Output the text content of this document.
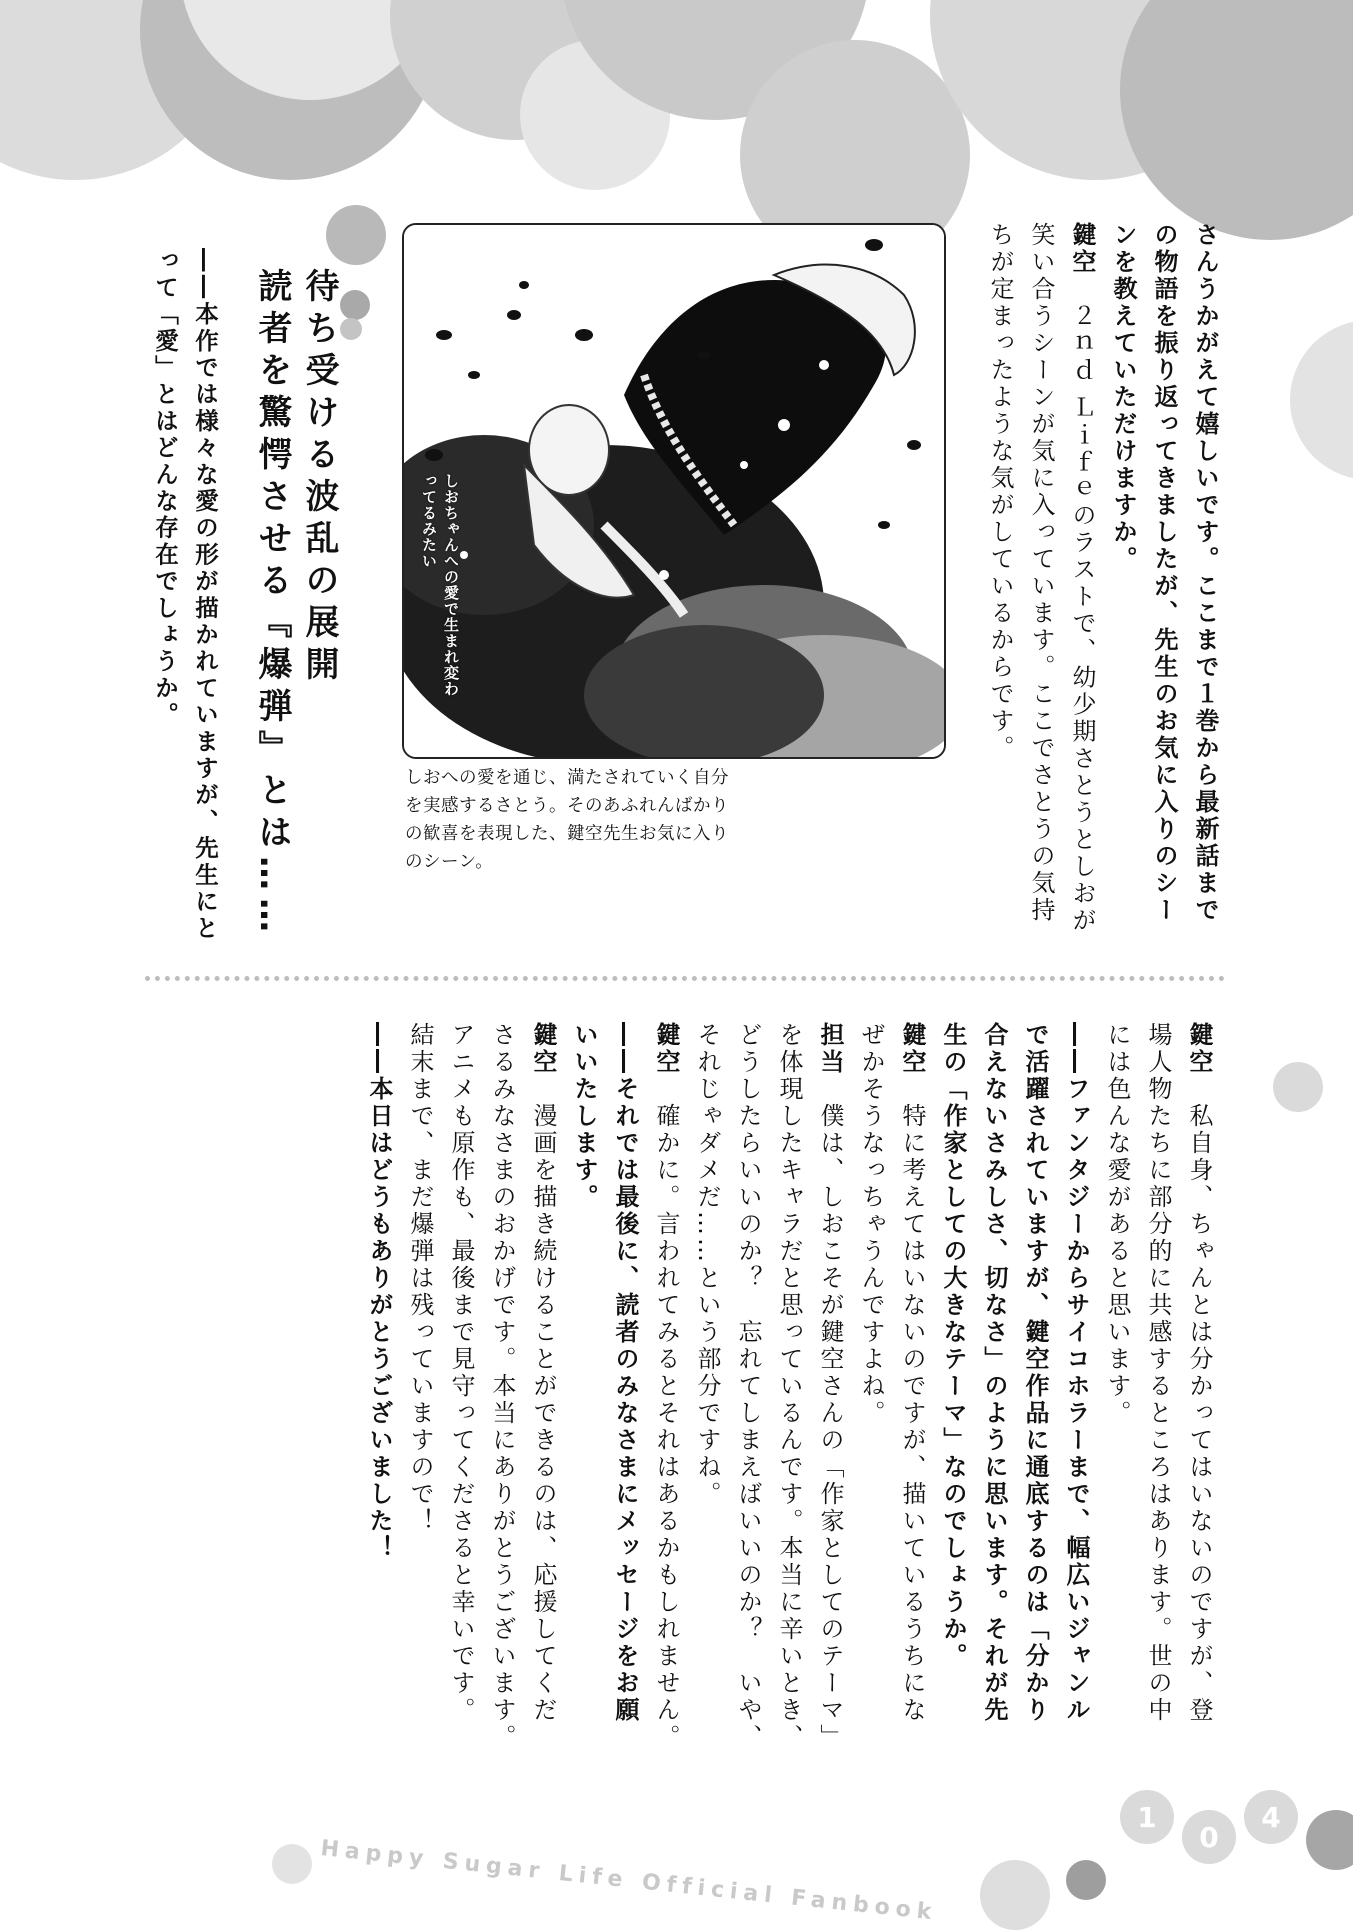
さんうかがえて嬉しいです。ここまで１巻から最新話まで
の物語を振り返ってきましたが、先生のお気に入りのシー
ンを教えていただけますか。
鍵空　２ｎｄ Ｌｉｆｅのラストで、幼少期さとうとしおが
笑い合うシーンが気に入っています。ここでさとうの気持
ちが定まったような気がしているからです。
しおちゃんへの愛で生まれ変わってるみたい
しおへの愛を通じ、満たされていく自分を実感するさとう。そのあふれんばかりの歓喜を表現した、鍵空先生お気に入りのシーン。
待ち受ける波乱の展開
読者を驚愕させる『爆弾』とは……
――本作では様々な愛の形が描かれていますが、先生にと
って「愛」とはどんな存在でしょうか。
鍵空　私自身、ちゃんとは分かってはいないのですが、登
場人物たちに部分的に共感するところはあります。世の中
には色んな愛があると思います。
――ファンタジーからサイコホラーまで、幅広いジャンル
で活躍されていますが、鍵空作品に通底するのは「分かり
合えないさみしさ、切なさ」のように思います。それが先
生の「作家としての大きなテーマ」なのでしょうか。
鍵空　特に考えてはいないのですが、描いているうちにな
ぜかそうなっちゃうんですよね。
担当　僕は、しおこそが鍵空さんの「作家としてのテーマ」
を体現したキャラだと思っているんです。本当に辛いとき、
どうしたらいいのか？　忘れてしまえばいいのか？　いや、
それじゃダメだ……という部分ですね。
鍵空　確かに。言われてみるとそれはあるかもしれません。
――それでは最後に、読者のみなさまにメッセージをお願
いいたします。
鍵空　漫画を描き続けることができるのは、応援してくだ
さるみなさまのおかげです。本当にありがとうございます。
アニメも原作も、最後まで見守ってくださると幸いです。
結末まで、まだ爆弾は残っていますので！
――本日はどうもありがとうございました！
Happy Sugar Life Official Fanbook
1
0
4
